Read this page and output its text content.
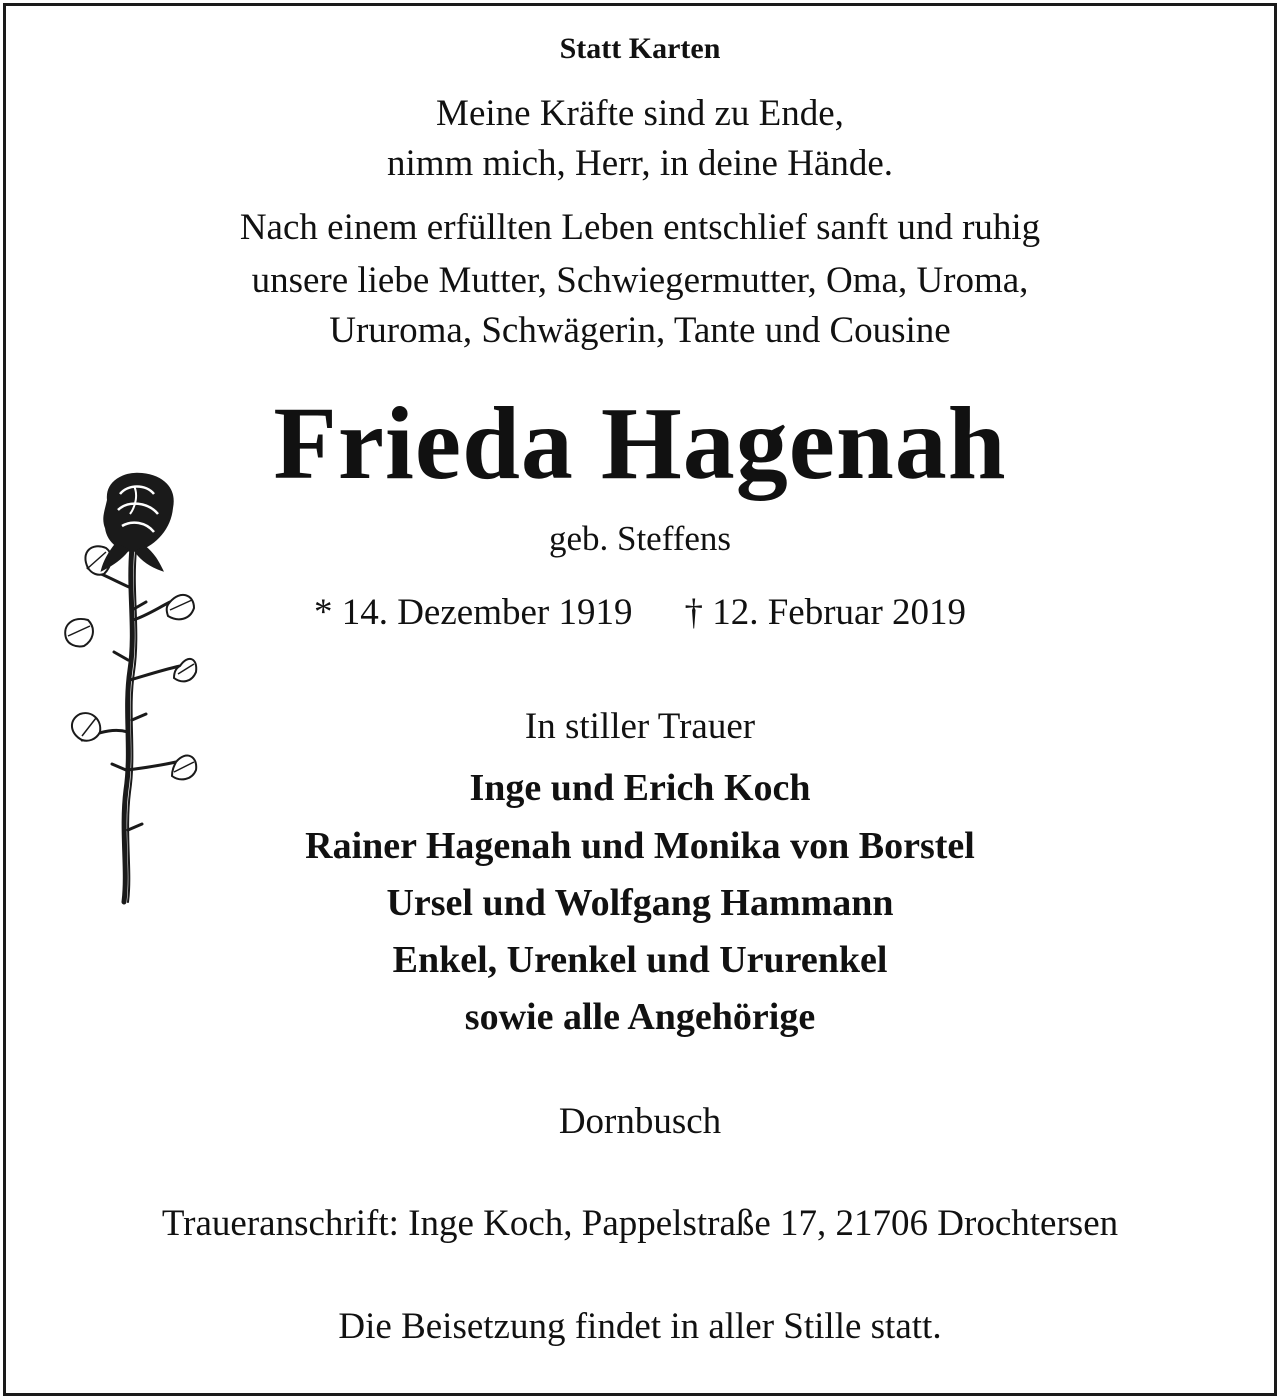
Statt Karten
Meine Kräfte sind zu Ende,
nimm mich, Herr, in deine Hände.
Nach einem erfüllten Leben entschlief sanft und ruhig
unsere liebe Mutter, Schwiegermutter, Oma, Uroma,
Ururoma, Schwägerin, Tante und Cousine
Frieda Hagenah
geb. Steffens
* 14. Dezember 1919 † 12. Februar 2019
In stiller Trauer
Inge und Erich Koch
Rainer Hagenah und Monika von Borstel
Ursel und Wolfgang Hammann
Enkel, Urenkel und Ururenkel
sowie alle Angehörige
Dornbusch
Traueranschrift: Inge Koch, Pappelstraße 17, 21706 Drochtersen
Die Beisetzung findet in aller Stille statt.
